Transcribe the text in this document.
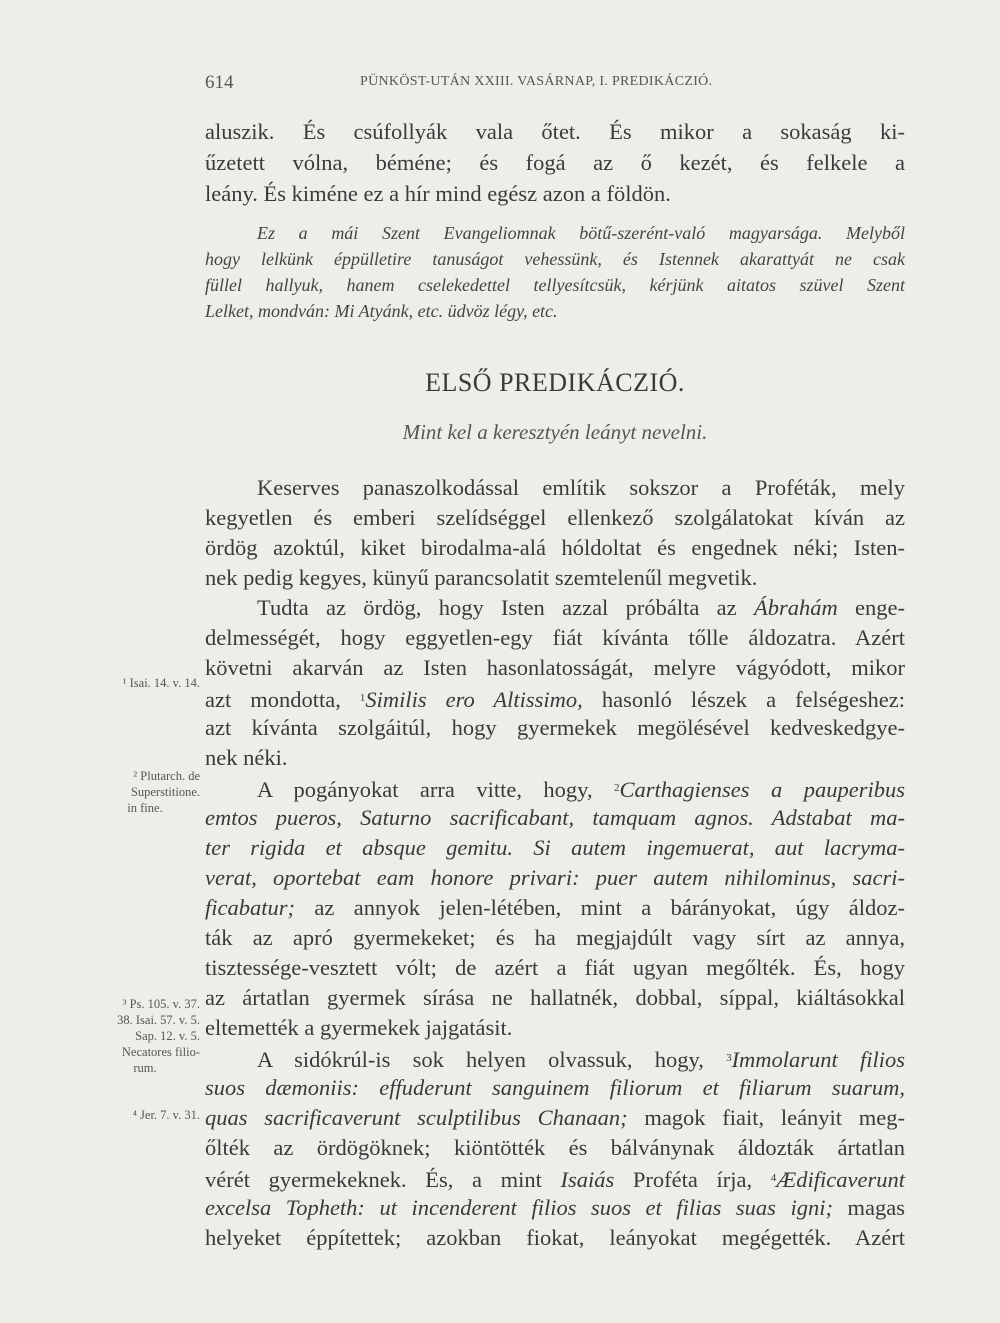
614	PÜNKÖST-UTÁN XXIII. VASÁRNAP, I. PREDIKÁCZIÓ.
aluszik. És csúfollyák vala őtet. És mikor a sokaság ki-
űzetett vólna, béméne; és fogá az ő kezét, és felkele a
leány. És kiméne ez a hír mind egész azon a földön.
Ez a mái Szent Evangeliomnak bötű-szerént-való magyarsága. Melyből
hogy lelkünk éppülletire tanuságot vehessünk, és Istennek akarattyát ne csak
füllel hallyuk, hanem cselekedettel tellyesítcsük, kérjünk aitatos szüvel Szent
Lelket, mondván: Mi Atyánk, etc. üdvöz légy, etc.
ELSŐ PREDIKÁCZIÓ.
Mint kel a keresztyén leányt nevelni.
Keserves panaszolkodással említik sokszor a Proféták, mely
kegyetlen és emberi szelídséggel ellenkező szolgálatokat kíván az
ördög azoktúl, kiket birodalma-alá hóldoltat és engednek néki; Isten-
nek pedig kegyes, künyű parancsolatit szemtelenűl megvetik.
Tudta az ördög, hogy Isten azzal próbálta az Ábrahám enge-
delmességét, hogy eggyetlen-egy fiát kívánta tőlle áldozatra. Azért
követni akarván az Isten hasonlatosságát, melyre vágyódott, mikor
azt mondotta, $^1$Similis ero Altissimo, hasonló lészek a felségeshez:
azt kívánta szolgáitúl, hogy gyermekek megölésével kedveskedgye-
nek néki.
A pogányokat arra vitte, hogy, $^2$Carthagienses a pauperibus
emtos pueros, Saturno sacrificabant, tamquam agnos. Adstabat ma-
ter rigida et absque gemitu. Si autem ingemuerat, aut lacryma-
verat, oportebat eam honore privari: puer autem nihilominus, sacri-
ficabatur; az annyok jelen-létében, mint a bárányokat, úgy áldoz-
ták az apró gyermekeket; és ha megjajdúlt vagy sírt az annya,
tisztessége-vesztett vólt; de azért a fiát ugyan megőlték. És, hogy
az ártatlan gyermek sírása ne hallatnék, dobbal, síppal, kiáltásokkal
eltemették a gyermekek jajgatásit.
A sidókrúl-is sok helyen olvassuk, hogy, $^3$Immolarunt filios
suos dæmoniis: effuderunt sanguinem filiorum et filiarum suarum,
quas sacrificaverunt sculptilibus Chanaan; magok fiait, leányit meg-
őlték az ördögöknek; kiöntötték és bálványnak áldozták ártatlan
vérét gyermekeknek. És, a mint Isaiás Proféta írja, $^4$Ædificaverunt
excelsa Topheth: ut incenderent filios suos et filias suas igni; magas
helyeket éppítettek; azokban fiokat, leányokat megégették. Azért
¹ Isai. 14. v. 14.
² Plutarch. de
Superstitione.
in fine.
³ Ps. 105. v. 37.
38. Isai. 57. v. 5.
Sap. 12. v. 5.
Necatores filio-
rum.
⁴ Jer. 7. v. 31.
